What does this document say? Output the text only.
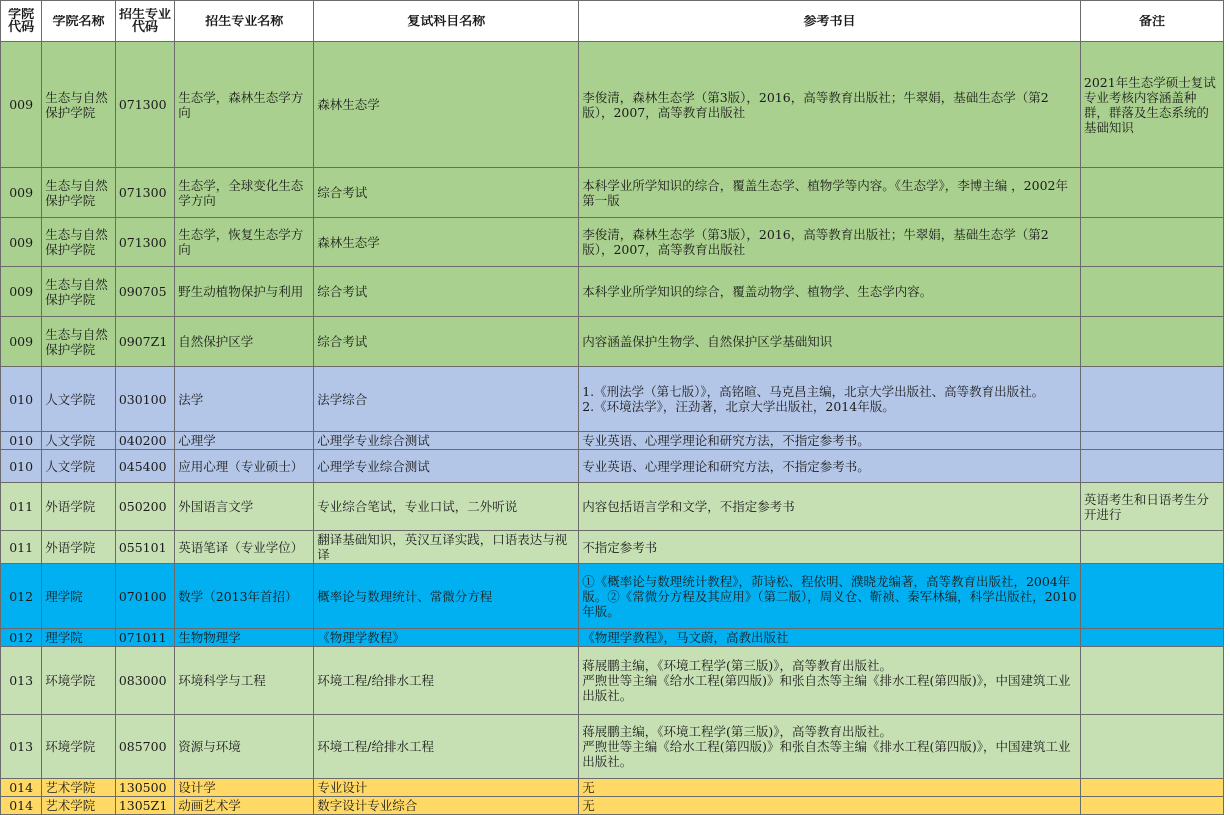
学院代码	学院名称	招生专业代码	招生专业名称	复试科目名称	参考书目	备注

009	生态与自然保护学院	071300	生态学，森林生态学方向	森林生态学	李俊清，森林生态学（第3版），2016，高等教育出版社；牛翠娟，基础生态学（第2版），2007，高等教育出版社	2021年生态学硕士复试专业考核内容涵盖种群，群落及生态系统的基础知识

009	生态与自然保护学院	071300	生态学，全球变化生态学方向	综合考试	本科学业所学知识的综合，覆盖生态学、植物学等内容。《生态学》，李博主编 ，2002年第一版	

009	生态与自然保护学院	071300	生态学，恢复生态学方向	森林生态学	李俊清，森林生态学（第3版），2016，高等教育出版社；牛翠娟，基础生态学（第2版），2007，高等教育出版社	

009	生态与自然保护学院	090705	野生动植物保护与利用	综合考试	本科学业所学知识的综合，覆盖动物学、植物学、生态学内容。	

009	生态与自然保护学院	0907Z1	自然保护区学	综合考试	内容涵盖保护生物学、自然保护区学基础知识	

010	人文学院	030100	法学	法学综合	1.《刑法学（第七版）》，高铭暄、马克昌主编，北京大学出版社、高等教育出版社。
2.《环境法学》，汪劲著，北京大学出版社，2014年版。	

010	人文学院	040200	心理学	心理学专业综合测试	专业英语、心理学理论和研究方法，不指定参考书。	

010	人文学院	045400	应用心理（专业硕士）	心理学专业综合测试	专业英语、心理学理论和研究方法，不指定参考书。	

011	外语学院	050200	外国语言文学	专业综合笔试，专业口试，二外听说	内容包括语言学和文学，不指定参考书	英语考生和日语考生分开进行

011	外语学院	055101	英语笔译（专业学位）	翻译基础知识，英汉互译实践，口语表达与视译	不指定参考书	

012	理学院	070100	数学（2013年首招）	概率论与数理统计、常微分方程	①《概率论与数理统计教程》，茆诗松、程依明、濮晓龙编著，高等教育出版社，2004年版。②《常微分方程及其应用》（第二版），周义仓、靳祯、秦军林编，科学出版社，2010年版。	

012	理学院	071011	生物物理学	《物理学教程》	《物理学教程》，马文蔚，高教出版社	

013	环境学院	083000	环境科学与工程	环境工程/给排水工程	蒋展鹏主编，《环境工程学(第三版)》，高等教育出版社。
严煦世等主编《给水工程(第四版)》和张自杰等主编《排水工程(第四版)》，中国建筑工业出版社。	

013	环境学院	085700	资源与环境	环境工程/给排水工程	蒋展鹏主编，《环境工程学(第三版)》，高等教育出版社。
严煦世等主编《给水工程(第四版)》和张自杰等主编《排水工程(第四版)》，中国建筑工业出版社。	

014	艺术学院	130500	设计学	专业设计	无	

014	艺术学院	1305Z1	动画艺术学	数字设计专业综合	无	
